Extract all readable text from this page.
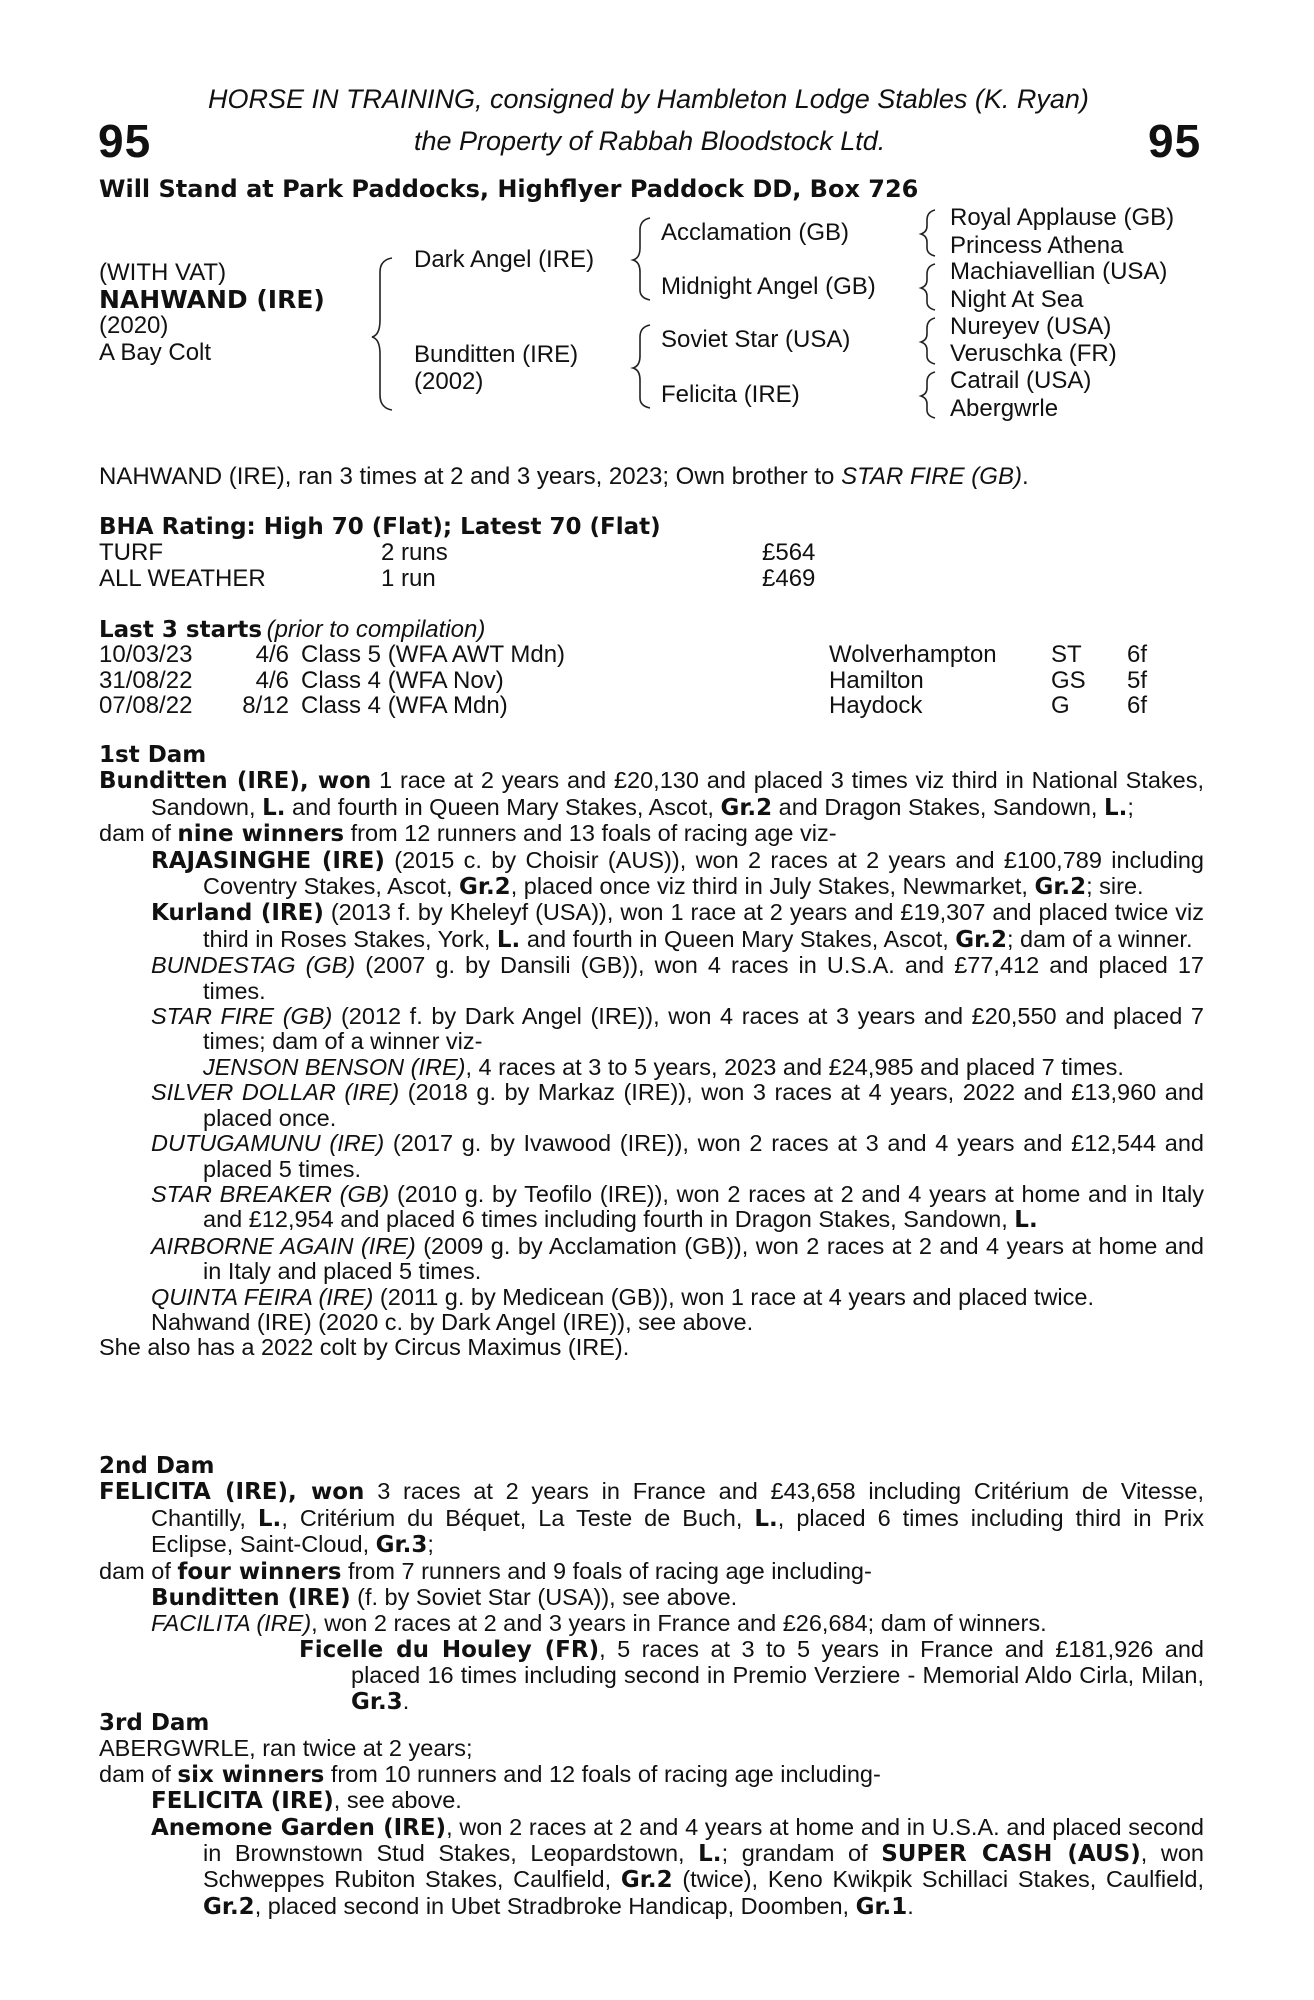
95	95
HORSE IN TRAINING, consigned by Hambleton Lodge Stables (K. Ryan)
the Property of Rabbah Bloodstock Ltd.
Will Stand at Park Paddocks, Highflyer Paddock DD, Box 726
(WITH VAT)
NAHWAND (IRE)
(2020)
A Bay Colt
Dark Angel (IRE)
Bunditten (IRE)
(2002)
Acclamation (GB)
Midnight Angel (GB)
Soviet Star (USA)
Felicita (IRE)
Royal Applause (GB)
Princess Athena
Machiavellian (USA)
Night At Sea
Nureyev (USA)
Veruschka (FR)
Catrail (USA)
Abergwrle
NAHWAND (IRE), ran 3 times at 2 and 3 years, 2023; Own brother to STAR FIRE (GB).
BHA Rating: High 70 (Flat); Latest 70 (Flat)
TURF	2 runs	£564
ALL WEATHER	1 run	£469
Last 3 starts (prior to compilation)
10/03/23	4/6	Class 5 (WFA AWT Mdn)	Wolverhampton	ST	6f
31/08/22	4/6	Class 4 (WFA Nov)	Hamilton	GS	5f
07/08/22	8/12	Class 4 (WFA Mdn)	Haydock	G	6f

1st Dam

Bunditten (IRE), won 1 race at 2 years and £20,130 and placed 3 times viz third in National Stakes, Sandown, L. and fourth in Queen Mary Stakes, Ascot, Gr.2 and Dragon Stakes, Sandown, L.;

dam of nine winners from 12 runners and 13 foals of racing age viz-

RAJASINGHE (IRE) (2015 c. by Choisir (AUS)), won 2 races at 2 years and £100,789 including Coventry Stakes, Ascot, Gr.2, placed once viz third in July Stakes, Newmarket, Gr.2; sire.

Kurland (IRE) (2013 f. by Kheleyf (USA)), won 1 race at 2 years and £19,307 and placed twice viz third in Roses Stakes, York, L. and fourth in Queen Mary Stakes, Ascot, Gr.2; dam of a winner.

BUNDESTAG (GB) (2007 g. by Dansili (GB)), won 4 races in U.S.A. and £77,412 and placed 17 times.

STAR FIRE (GB) (2012 f. by Dark Angel (IRE)), won 4 races at 3 years and £20,550 and placed 7 times; dam of a winner viz-

JENSON BENSON (IRE), 4 races at 3 to 5 years, 2023 and £24,985 and placed 7 times.

SILVER DOLLAR (IRE) (2018 g. by Markaz (IRE)), won 3 races at 4 years, 2022 and £13,960 and placed once.

DUTUGAMUNU (IRE) (2017 g. by Ivawood (IRE)), won 2 races at 3 and 4 years and £12,544 and placed 5 times.

STAR BREAKER (GB) (2010 g. by Teofilo (IRE)), won 2 races at 2 and 4 years at home and in Italy and £12,954 and placed 6 times including fourth in Dragon Stakes, Sandown, L.

AIRBORNE AGAIN (IRE) (2009 g. by Acclamation (GB)), won 2 races at 2 and 4 years at home and in Italy and placed 5 times.

QUINTA FEIRA (IRE) (2011 g. by Medicean (GB)), won 1 race at 4 years and placed twice.

Nahwand (IRE) (2020 c. by Dark Angel (IRE)), see above.

She also has a 2022 colt by Circus Maximus (IRE).

2nd Dam

FELICITA (IRE), won 3 races at 2 years in France and £43,658 including Critérium de Vitesse, Chantilly, L., Critérium du Béquet, La Teste de Buch, L., placed 6 times including third in Prix Eclipse, Saint-Cloud, Gr.3;

dam of four winners from 7 runners and 9 foals of racing age including-

Bunditten (IRE) (f. by Soviet Star (USA)), see above.

FACILITA (IRE), won 2 races at 2 and 3 years in France and £26,684; dam of winners.

Ficelle du Houley (FR), 5 races at 3 to 5 years in France and £181,926 and placed 16 times including second in Premio Verziere - Memorial Aldo Cirla, Milan, Gr.3.

3rd Dam

ABERGWRLE, ran twice at 2 years;

dam of six winners from 10 runners and 12 foals of racing age including-

FELICITA (IRE), see above.

Anemone Garden (IRE), won 2 races at 2 and 4 years at home and in U.S.A. and placed second in Brownstown Stud Stakes, Leopardstown, L.; grandam of SUPER CASH (AUS), won Schweppes Rubiton Stakes, Caulfield, Gr.2 (twice), Keno Kwikpik Schillaci Stakes, Caulfield, Gr.2, placed second in Ubet Stradbroke Handicap, Doomben, Gr.1.
